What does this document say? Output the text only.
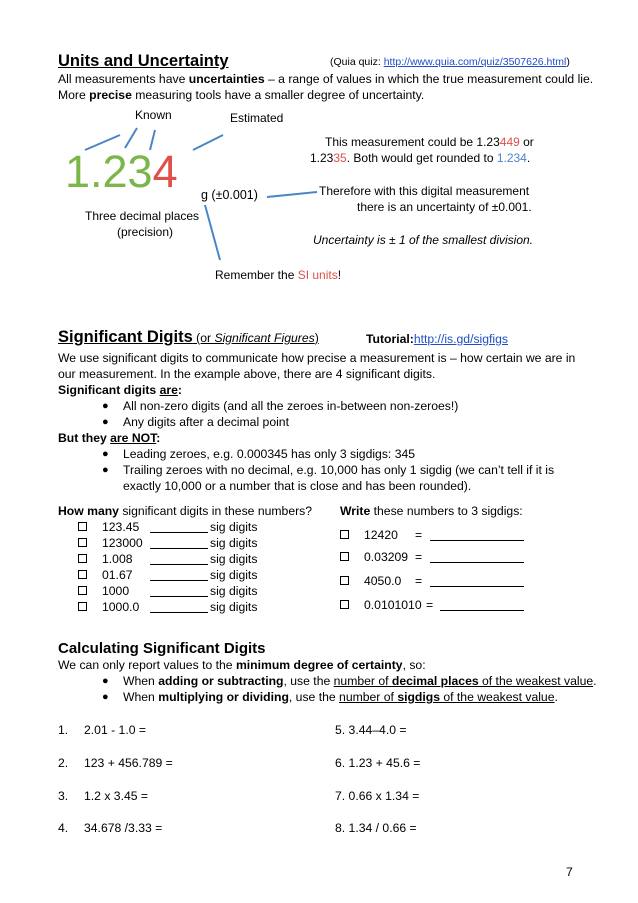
Units and Uncertainty	(Quia quiz: http://www.quia.com/quiz/3507626.html)
All measurements have uncertainties – a range of values in which the true measurement could lie.
More precise measuring tools have a smaller degree of uncertainty.
Known	Estimated
1.234 g (±0.001)
Three decimal places
(precision)
This measurement could be 1.23449 or
1.2335. Both would get rounded to 1.234.
Therefore with this digital measurement
there is an uncertainty of ±0.001.
Uncertainty is ± 1 of the smallest division.
Remember the SI units!
Significant Digits (or Significant Figures)	Tutorial:http://is.gd/sigfigs
We use significant digits to communicate how precise a measurement is – how certain we are in
our measurement. In the example above, there are 4 significant digits.
Significant digits are:
● All non-zero digits (and all the zeroes in-between non-zeroes!)
● Any digits after a decimal point
But they are NOT:
● Leading zeroes, e.g. 0.000345 has only 3 sigdigs: 345
● Trailing zeroes with no decimal, e.g. 10,000 has only 1 sigdig (we can’t tell if it is
exactly 10,000 or a number that is close and has been rounded).
How many significant digits in these numbers?
123.45	sig digits
123000	sig digits
1.008	sig digits
01.67	sig digits
1000	sig digits
1000.0	sig digits
Write these numbers to 3 sigdigs:
12420 =
0.03209 =
4050.0 =
0.0101010 =
Calculating Significant Digits
We can only report values to the minimum degree of certainty, so:
● When adding or subtracting, use the number of decimal places of the weakest value.
● When multiplying or dividing, use the number of sigdigs of the weakest value.
1. 2.01 - 1.0 =
2. 123 + 456.789 =
3. 1.2 x 3.45 =
4. 34.678 /3.33 =
5. 3.44–4.0 =
6. 1.23 + 45.6 =
7. 0.66 x 1.34 =
8. 1.34 / 0.66 =
7
